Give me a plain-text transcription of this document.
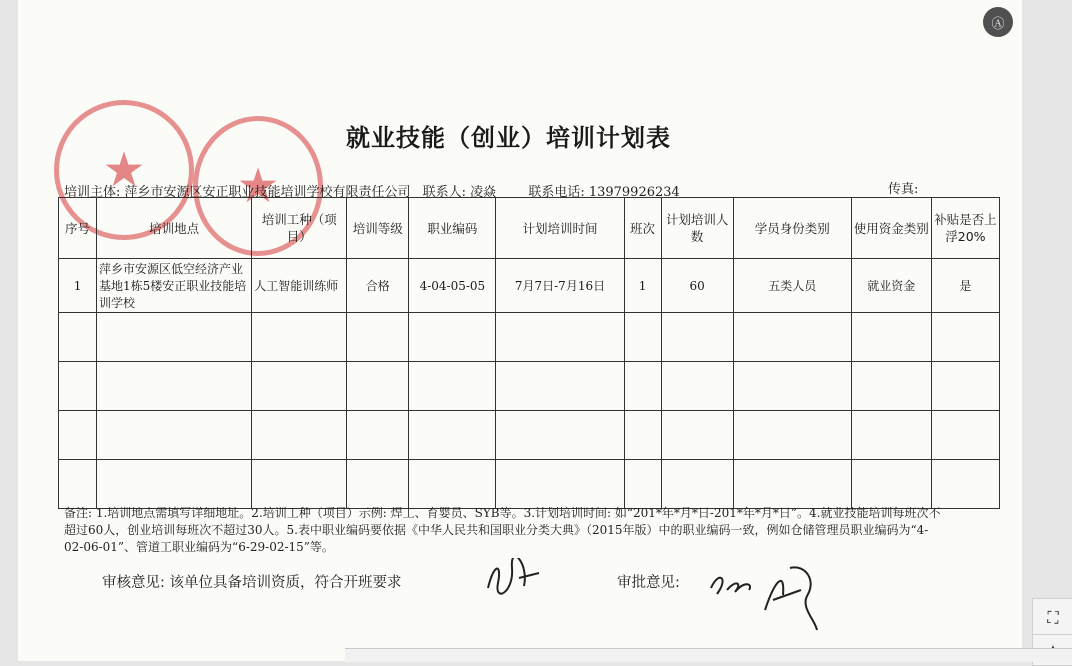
★ ★
就业技能（创业）培训计划表
培训主体: 萍乡市安源区安正职业技能培训学校有限责任公司 联系人: 凌焱 联系电话: 13979926234	传真:
序号	培训地点	培训工种（项目）	培训等级	职业编码	计划培训时间	班次	计划培训人数	学员身份类别	使用资金类别	补贴是否上浮20%
1	萍乡市安源区低空经济产业基地1栋5楼安正职业技能培训学校	人工智能训练师	合格	4-04-05-05	7月7日-7月16日	1	60	五类人员	就业资金	是

备注: 1.培训地点需填写详细地址。2.培训工种（项目）示例: 焊工、育婴员、SYB等。3.计划培训时间: 如“201*年*月*日-201*年*月*日”。4.就业技能培训每班次不超过60人，创业培训每班次不超过30人。5.表中职业编码要依据《中华人民共和国职业分类大典》（2015年版）中的职业编码一致，例如仓储管理员职业编码为“4-02-06-01”、管道工职业编码为“6-29-02-15”等。
审核意见: 该单位具备培训资质，符合开班要求	审批意见:
Ⓐ
⛶
